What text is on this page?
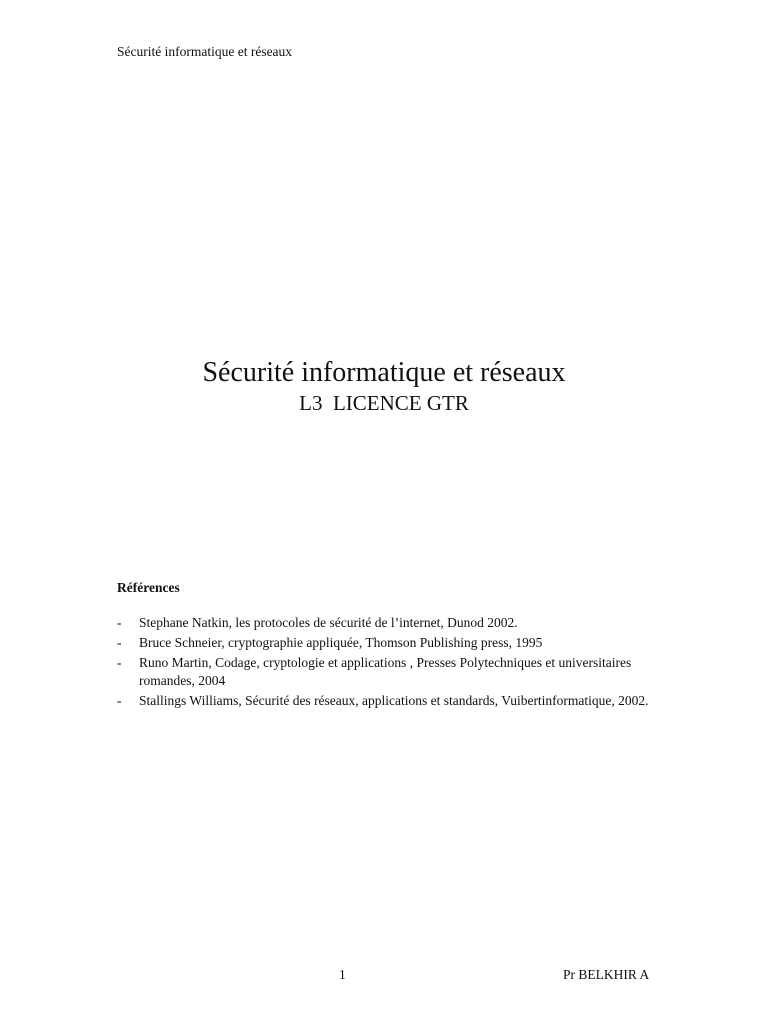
Sécurité informatique et réseaux
Sécurité informatique et réseaux
L3  LICENCE GTR
Références
-	Stephane Natkin, les protocoles de sécurité de l’internet, Dunod 2002.
-	Bruce Schneier, cryptographie appliquée, Thomson Publishing press, 1995
-	Runo Martin, Codage, cryptologie et applications , Presses Polytechniques et universitaires romandes, 2004
-	Stallings Williams, Sécurité des réseaux, applications et standards, Vuibertinformatique, 2002.
1	Pr BELKHIR A
